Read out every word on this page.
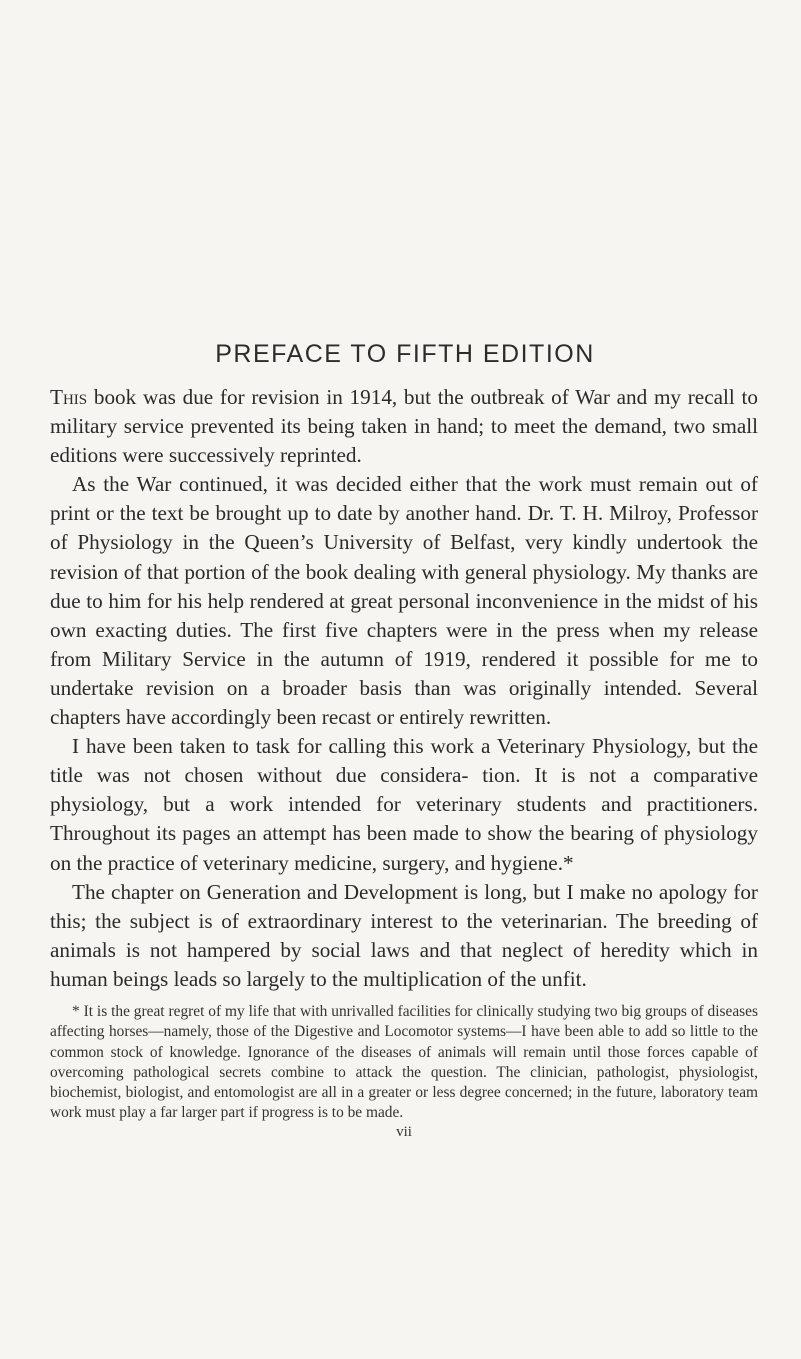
PREFACE TO FIFTH EDITION

This book was due for revision in 1914, but the outbreak of War and my recall to military service prevented its being taken in hand; to meet the demand, two small editions were successively reprinted.

As the War continued, it was decided either that the work must remain out of print or the text be brought up to date by another hand. Dr. T. H. Milroy, Professor of Physiology in the Queen’s University of Belfast, very kindly undertook the revision of that portion of the book dealing with general physiology. My thanks are due to him for his help rendered at great personal inconvenience in the midst of his own exacting duties. The first five chapters were in the press when my release from Military Service in the autumn of 1919, rendered it possible for me to undertake revision on a broader basis than was originally intended. Several chapters have accordingly been recast or entirely rewritten.

I have been taken to task for calling this work a Veterinary Physiology, but the title was not chosen without due considera- tion. It is not a comparative physiology, but a work intended for veterinary students and practitioners. Throughout its pages an attempt has been made to show the bearing of physiology on the practice of veterinary medicine, surgery, and hygiene.*

The chapter on Generation and Development is long, but I make no apology for this; the subject is of extraordinary interest to the veterinarian. The breeding of animals is not hampered by social laws and that neglect of heredity which in human beings leads so largely to the multiplication of the unfit.

* It is the great regret of my life that with unrivalled facilities for clinically studying two big groups of diseases affecting horses—namely, those of the Digestive and Locomotor systems—I have been able to add so little to the common stock of knowledge. Ignorance of the diseases of animals will remain until those forces capable of overcoming pathological secrets combine to attack the question. The clinician, pathologist, physiologist, biochemist, biologist, and entomologist are all in a greater or less degree concerned; in the future, laboratory team work must play a far larger part if progress is to be made.

vii
